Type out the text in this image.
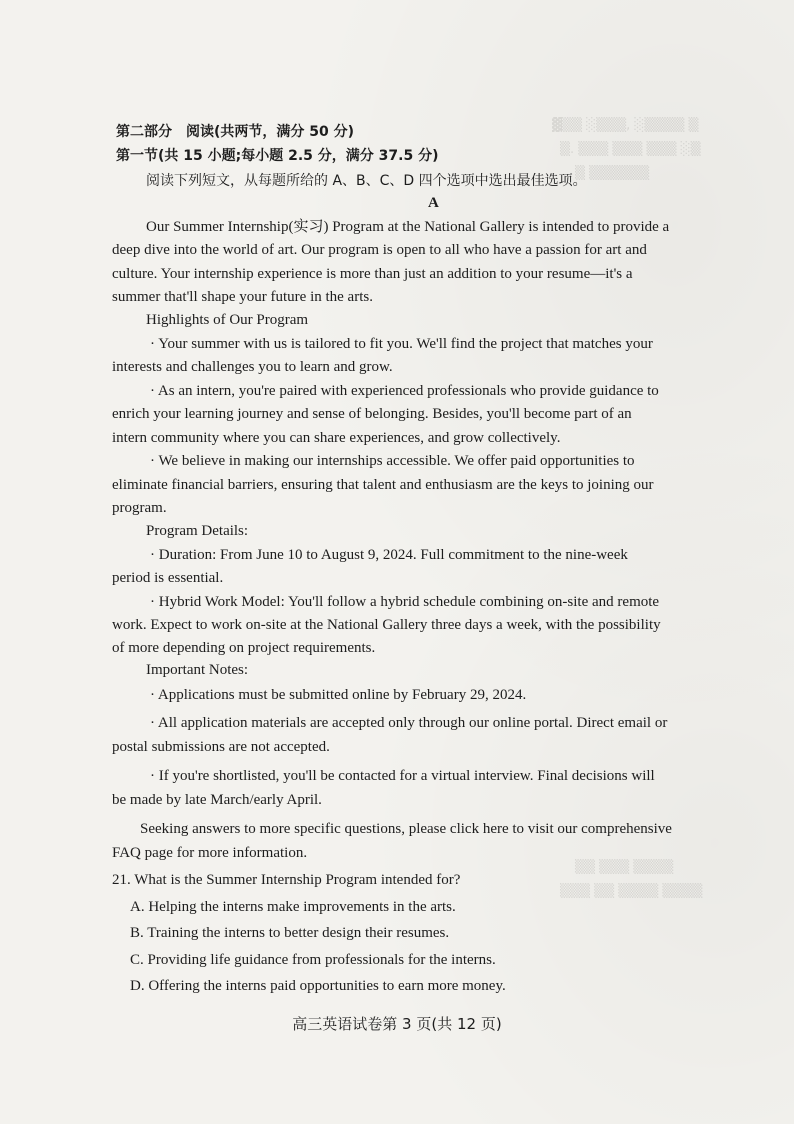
▓▒▒ ░▒▒▒, ░▒▒▒▒ ▒
▒. ▒▒▒ ▒▒▒ ▒▒▒ ░▒
▒ ▒▒▒▒▒▒
▒▒ ▒▒▒ ▒▒▒▒
▒▒▒ ▒▒ ▒▒▒▒ ▒▒▒▒
第二部分　阅读(共两节，满分 50 分)
第一节(共 15 小题;每小题 2.5 分，满分 37.5 分)
阅读下列短文，从每题所给的 A、B、C、D 四个选项中选出最佳选项。
A
Our Summer Internship(实习) Program at the National Gallery is intended to provide a
deep dive into the world of art. Our program is open to all who have a passion for art and
culture. Your internship experience is more than just an addition to your resume—it's a
summer that'll shape your future in the arts.
Highlights of Our Program
· Your summer with us is tailored to fit you. We'll find the project that matches your
interests and challenges you to learn and grow.
· As an intern, you're paired with experienced professionals who provide guidance to
enrich your learning journey and sense of belonging. Besides, you'll become part of an
intern community where you can share experiences, and grow collectively.
· We believe in making our internships accessible. We offer paid opportunities to
eliminate financial barriers, ensuring that talent and enthusiasm are the keys to joining our
program.
Program Details:
· Duration: From June 10 to August 9, 2024. Full commitment to the nine-week
period is essential.
· Hybrid Work Model: You'll follow a hybrid schedule combining on-site and remote
work. Expect to work on-site at the National Gallery three days a week, with the possibility
of more depending on project requirements.
Important Notes:
· Applications must be submitted online by February 29, 2024.
· All application materials are accepted only through our online portal. Direct email or
postal submissions are not accepted.
· If you're shortlisted, you'll be contacted for a virtual interview. Final decisions will
be made by late March/early April.
Seeking answers to more specific questions, please click here to visit our comprehensive
FAQ page for more information.
21. What is the Summer Internship Program intended for?
A. Helping the interns make improvements in the arts.
B. Training the interns to better design their resumes.
C. Providing life guidance from professionals for the interns.
D. Offering the interns paid opportunities to earn more money.
高三英语试卷第 3 页(共 12 页)
